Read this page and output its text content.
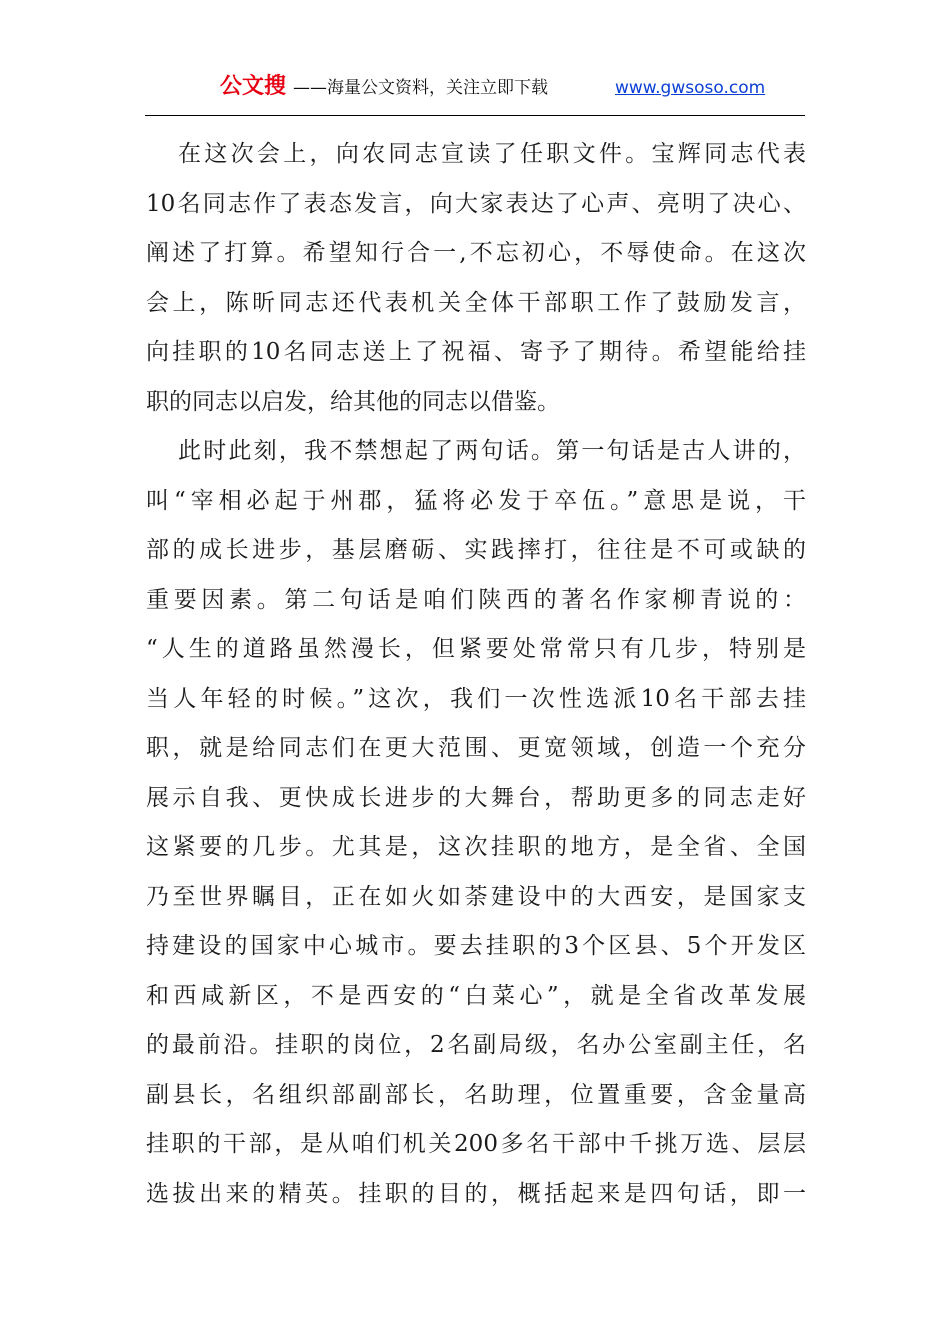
公文搜 ——海量公文资料，关注立即下载	www.gwsoso.com
在这次会上，向农同志宣读了任职文件。宝辉同志代表
10名同志作了表态发言，向大家表达了心声、亮明了决心、
阐述了打算。希望知行合一,不忘初心，不辱使命。在这次
会上，陈昕同志还代表机关全体干部职工作了鼓励发言，
向挂职的10名同志送上了祝福、寄予了期待。希望能给挂
职的同志以启发，给其他的同志以借鉴。
此时此刻，我不禁想起了两句话。第一句话是古人讲的，
叫“宰相必起于州郡，猛将必发于卒伍。”意思是说，干
部的成长进步，基层磨砺、实践摔打，往往是不可或缺的
重要因素。第二句话是咱们陕西的著名作家柳青说的：
“人生的道路虽然漫长，但紧要处常常只有几步，特别是
当人年轻的时候。”这次，我们一次性选派10名干部去挂
职，就是给同志们在更大范围、更宽领域，创造一个充分
展示自我、更快成长进步的大舞台，帮助更多的同志走好
这紧要的几步。尤其是，这次挂职的地方，是全省、全国
乃至世界瞩目，正在如火如荼建设中的大西安，是国家支
持建设的国家中心城市。要去挂职的3个区县、5个开发区
和西咸新区，不是西安的“白菜心”，就是全省改革发展
的最前沿。挂职的岗位，2名副局级，名办公室副主任，名
副县长，名组织部副部长，名助理，位置重要，含金量高
挂职的干部，是从咱们机关200多名干部中千挑万选、层层
选拔出来的精英。挂职的目的，概括起来是四句话，即一
